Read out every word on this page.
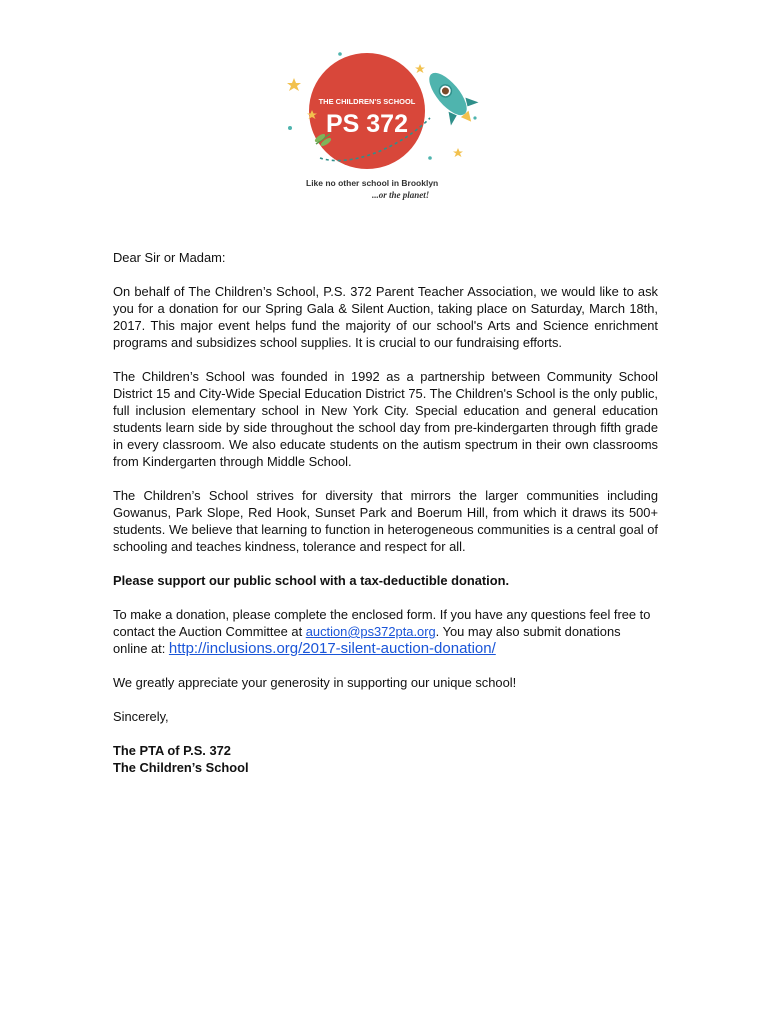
THE CHILDREN'S SCHOOL
PS 372
Like no other school in Brooklyn
...or the planet!

Dear Sir or Madam:

On behalf of The Children’s School, P.S. 372 Parent Teacher Association, we would like to ask you for a donation for our Spring Gala & Silent Auction, taking place on Saturday, March 18th, 2017. This major event helps fund the majority of our school's Arts and Science enrichment programs and subsidizes school supplies. It is crucial to our fundraising efforts.

The Children’s School was founded in 1992 as a partnership between Community School District 15 and City-Wide Special Education District 75. The Children's School is the only public, full inclusion elementary school in New York City. Special education and general education students learn side by side throughout the school day from pre-kindergarten through fifth grade in every classroom. We also educate students on the autism spectrum in their own classrooms from Kindergarten through Middle School.

The Children’s School strives for diversity that mirrors the larger communities including Gowanus, Park Slope, Red Hook, Sunset Park and Boerum Hill, from which it draws its 500+ students. We believe that learning to function in heterogeneous communities is a central goal of schooling and teaches kindness, tolerance and respect for all.

Please support our public school with a tax-deductible donation.

To make a donation, please complete the enclosed form. If you have any questions feel free to contact the Auction Committee at auction@ps372pta.org. You may also submit donations online at: http://inclusions.org/2017-silent-auction-donation/

We greatly appreciate your generosity in supporting our unique school!

Sincerely,

The PTA of P.S. 372

The Children’s School
